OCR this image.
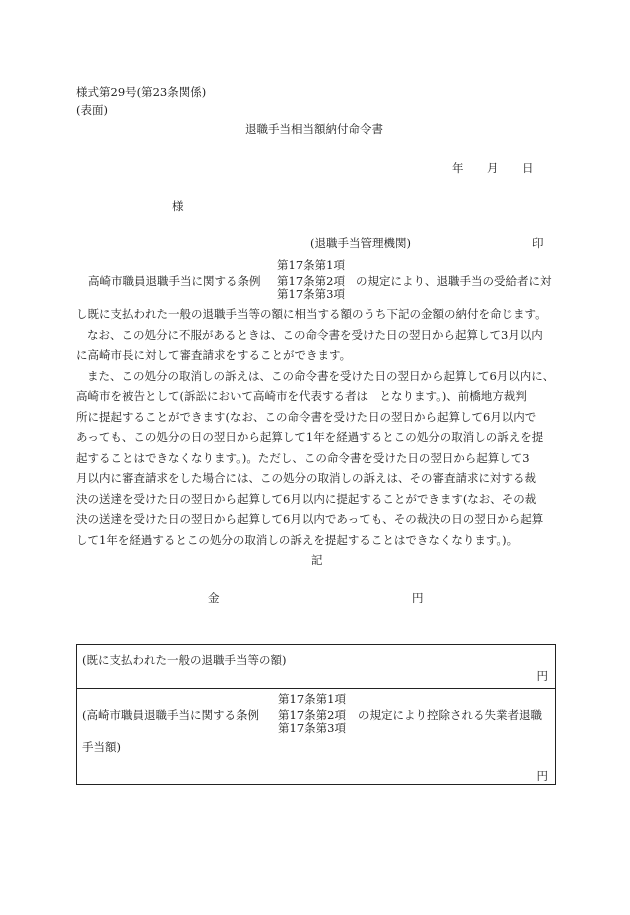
様式第29号(第23条関係)
(表面)
退職手当相当額納付命令書
年 月 日
様
(退職手当管理機関)	印
第17条第1項
第17条第3項
高崎市職員退職手当に関する条例 第17条第2項 の規定により、退職手当の受給者に対
し既に支払われた一般の退職手当等の額に相当する額のうち下記の金額の納付を命じます。
なお、この処分に不服があるときは、この命令書を受けた日の翌日から起算して3月以内
に高崎市長に対して審査請求をすることができます。
また、この処分の取消しの訴えは、この命令書を受けた日の翌日から起算して6月以内に、
高崎市を被告として(訴訟において高崎市を代表する者は　となります。)、前橋地方裁判
所に提起することができます(なお、この命令書を受けた日の翌日から起算して6月以内で
あっても、この処分の日の翌日から起算して1年を経過するとこの処分の取消しの訴えを提
起することはできなくなります。)。ただし、この命令書を受けた日の翌日から起算して3
月以内に審査請求をした場合には、この処分の取消しの訴えは、その審査請求に対する裁
決の送達を受けた日の翌日から起算して6月以内に提起することができます(なお、その裁
決の送達を受けた日の翌日から起算して6月以内であっても、その裁決の日の翌日から起算
して1年を経過するとこの処分の取消しの訴えを提起することはできなくなります。)。
記
金	円
(既に支払われた一般の退職手当等の額)
円
第17条第1項
第17条第3項
(高崎市職員退職手当に関する条例 第17条第2項 の規定により控除される失業者退職
手当額)
円
